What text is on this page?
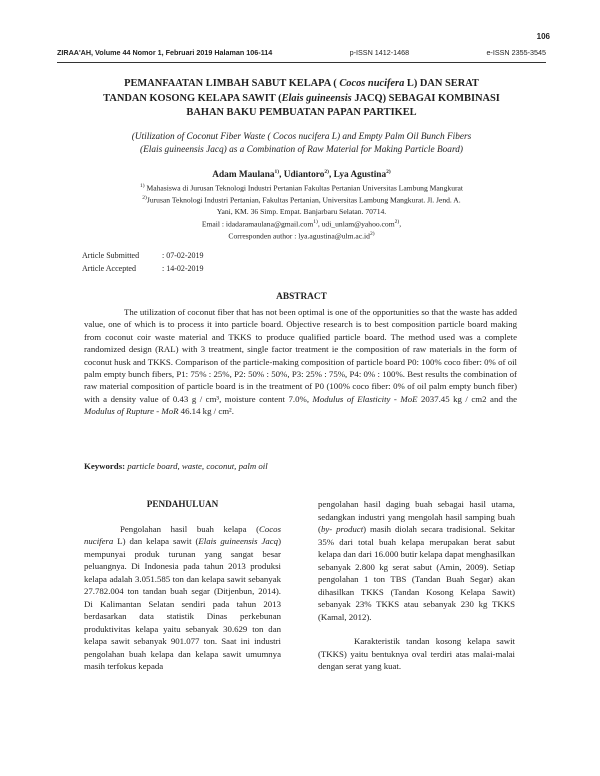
106
ZIRAA'AH, Volume 44 Nomor 1, Februari 2019 Halaman 106-114	p-ISSN 1412-1468	e-ISSN 2355-3545
PEMANFAATAN LIMBAH SABUT KELAPA ( Cocos nucifera L) DAN SERAT
TANDAN KOSONG KELAPA SAWIT (Elais guineensis JACQ) SEBAGAI KOMBINASI
BAHAN BAKU PEMBUATAN PAPAN PARTIKEL
(Utilization of Coconut Fiber Waste ( Cocos nucifera L) and Empty Palm Oil Bunch Fibers
(Elais guineensis Jacq) as a Combination of Raw Material for Making Particle Board)
Adam Maulana$^{1)}$, Udiantoro$^{2)}$, Lya Agustina$^{2)}$
$^{1)}$ Mahasiswa di Jurusan Teknologi Industri Pertanian Fakultas Pertanian Universitas Lambung Mangkurat
$^{2)}$Jurusan Teknologi Industri Pertanian, Fakultas Pertanian, Universitas Lambung Mangkurat. Jl. Jend. A.
Yani, KM. 36 Simp. Empat. Banjarbaru Selatan. 70714.
Email : idadaramaulana@gmail.com$^{1)}$, udi_unlam@yahoo.com$^{2)}$,
Corresponden author : $lya.agustina@ulm.ac.id^{2)}$
Article Submitted	: 07-02-2019
Article Accepted	: 14-02-2019
ABSTRACT
The utilization of coconut fiber that has not been optimal is one of the opportunities so that the waste has added value, one of which is to process it into particle board. Objective research is to best composition particle board making from coconut coir waste material and TKKS to produce qualified particle board. The method used was a complete randomized design (RAL) with 3 treatment, single factor treatment ie the composition of raw materials in the form of coconut husk and TKKS. Comparison of the particle-making composition of particle board P0: 100% coco fiber: 0% of oil palm empty bunch fibers, P1: 75% : 25%, P2: 50% : 50%, P3: 25% : 75%, P4: 0% : 100%. Best results the combination of raw material composition of particle board is in the treatment of P0 (100% coco fiber: 0% of oil palm empty bunch fiber) with a density value of 0.43 g / cm³, moisture content 7.0%, Modulus of Elasticity - MoE 2037.45 kg / cm2 and the Modulus of Rupture - MoR 46.14 kg / cm².
Keywords: particle board, waste, coconut, palm oil
PENDAHULUAN

Pengolahan hasil buah kelapa (Cocos nucifera L) dan kelapa sawit (Elais guineensis Jacq) mempunyai produk turunan yang sangat besar peluangnya. Di Indonesia pada tahun 2013 produksi kelapa adalah 3.051.585 ton dan kelapa sawit sebanyak 27.782.004 ton tandan buah segar (Ditjenbun, 2014). Di Kalimantan Selatan sendiri pada tahun 2013 berdasarkan data statistik Dinas perkebunan produktivitas kelapa yaitu sebanyak 30.629 ton dan kelapa sawit sebanyak 901.077 ton. Saat ini industri pengolahan buah kelapa dan kelapa sawit umumnya masih terfokus kepada

pengolahan hasil daging buah sebagai hasil utama, sedangkan industri yang mengolah hasil samping buah (by- product) masih diolah secara tradisional. Sekitar 35% dari total buah kelapa merupakan berat sabut kelapa dan dari 16.000 butir kelapa dapat menghasilkan sebanyak 2.800 kg serat sabut (Amin, 2009). Setiap pengolahan 1 ton TBS (Tandan Buah Segar) akan dihasilkan TKKS (Tandan Kosong Kelapa Sawit) sebanyak 23% TKKS atau sebanyak 230 kg TKKS (Kamal, 2012).

Karakteristik tandan kosong kelapa sawit (TKKS) yaitu bentuknya oval terdiri atas malai-malai dengan serat yang kuat.
